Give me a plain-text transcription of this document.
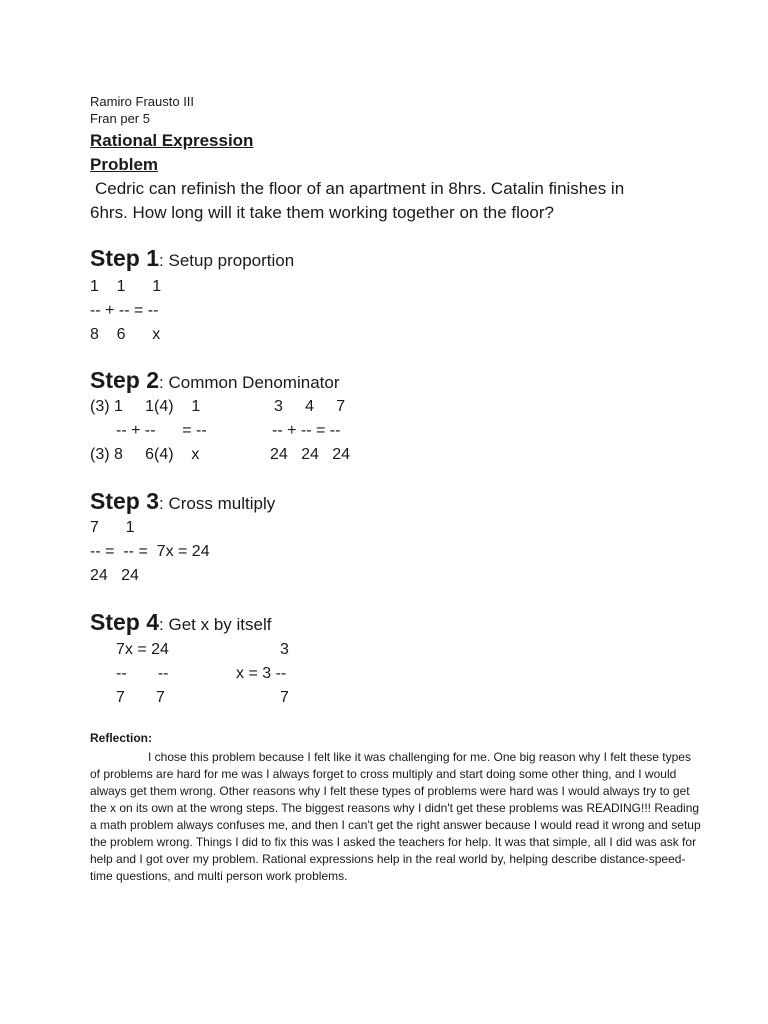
Ramiro Frausto III
Fran per 5
Rational Expression
Problem
Cedric can refinish the floor of an apartment in 8hrs. Catalin finishes in 6hrs. How long will it take them working together on the floor?
Step 1: Setup proportion
1    1      1
-- + -- = --
8    6      x
Step 2: Common Denominator
(3) 1     1(4)    1
-- + --      = --
(3) 8     6(4)    x
3     4     7
-- + -- = --
24   24   24
Step 3: Cross multiply
7      1
-- =  -- =  7x = 24
24   24
Step 4: Get x by itself
7x = 24
--       --
7       7
3
x = 3 --
7
Reflection:
I chose this problem because I felt like it was challenging for me. One big reason why I felt these types of problems are hard for me was I always forget to cross multiply and start doing some other thing, and I would always get them wrong. Other reasons why I felt these types of problems were hard was I would always try to get the x on its own at the wrong steps. The biggest reasons why I didn't get these problems was READING!!! Reading a math problem always confuses me, and then I can't get the right answer because I would read it wrong and setup the problem wrong. Things I did to fix this was I asked the teachers for help. It was that simple, all I did was ask for help and I got over my problem. Rational expressions help in the real world by, helping describe distance-speed-time questions, and multi person work problems.
